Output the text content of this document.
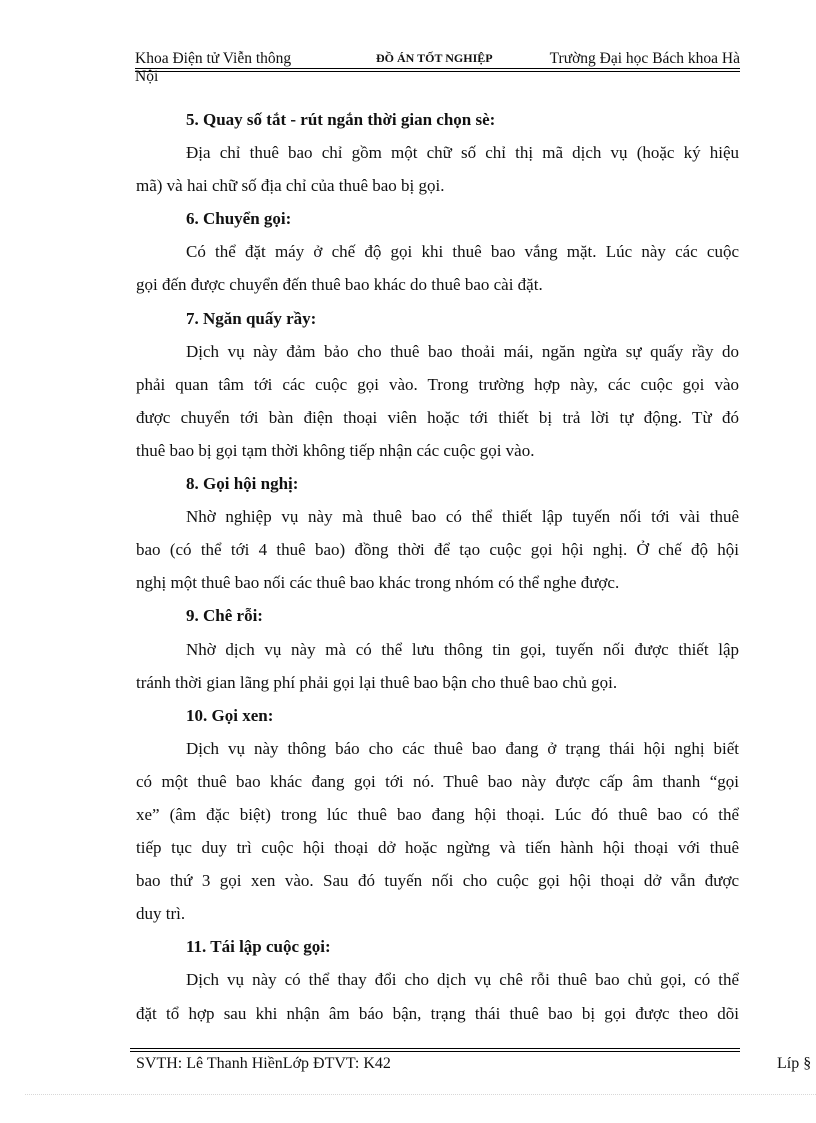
Khoa Điện tử Viễn thông	ĐỒ ÁN TỐT NGHIỆP	Trường Đại học Bách khoa Hà
Nội
5. Quay số tắt - rút ngắn thời gian chọn sè:
Địa chỉ thuê bao chỉ gồm một chữ số chỉ thị mã dịch vụ (hoặc ký hiệu
mã) và hai chữ số địa chỉ của thuê bao bị gọi.
6. Chuyển gọi:
Có thể đặt máy ở chế độ gọi khi thuê bao vắng mặt. Lúc này các cuộc
gọi đến được chuyển đến thuê bao khác do thuê bao cài đặt.
7. Ngăn quấy rầy:
Dịch vụ này đảm bảo cho thuê bao thoải mái, ngăn ngừa sự quấy rầy do
phải quan tâm tới các cuộc gọi vào. Trong trường hợp này, các cuộc gọi vào
được chuyển tới bàn điện thoại viên hoặc tới thiết bị trả lời tự động. Từ đó
thuê bao bị gọi tạm thời không tiếp nhận các cuộc gọi vào.
8. Gọi hội nghị:
Nhờ nghiệp vụ này mà thuê bao có thể thiết lập tuyến nối tới vài thuê
bao (có thể tới 4 thuê bao) đồng thời để tạo cuộc gọi hội nghị. Ở chế độ hội
nghị một thuê bao nối các thuê bao khác trong nhóm có thể nghe được.
9. Chê rỗi:
Nhờ dịch vụ này mà có thể lưu thông tin gọi, tuyến nối được thiết lập
tránh thời gian lãng phí phải gọi lại thuê bao bận cho thuê bao chủ gọi.
10. Gọi xen:
Dịch vụ này thông báo cho các thuê bao đang ở trạng thái hội nghị biết
có một thuê bao khác đang gọi tới nó. Thuê bao này được cấp âm thanh “gọi
xe” (âm đặc biệt) trong lúc thuê bao đang hội thoại. Lúc đó thuê bao có thể
tiếp tục duy trì cuộc hội thoại dở hoặc ngừng và tiến hành hội thoại với thuê
bao thứ 3 gọi xen vào. Sau đó tuyến nối cho cuộc gọi hội thoại dở vẫn được
duy trì.
11. Tái lập cuộc gọi:
Dịch vụ này có thể thay đổi cho dịch vụ chê rỗi thuê bao chủ gọi, có thể
đặt tổ hợp sau khi nhận âm báo bận, trạng thái thuê bao bị gọi được theo dõi
SVTH: Lê Thanh HiềnLớp ĐTVT: K42	Líp §
